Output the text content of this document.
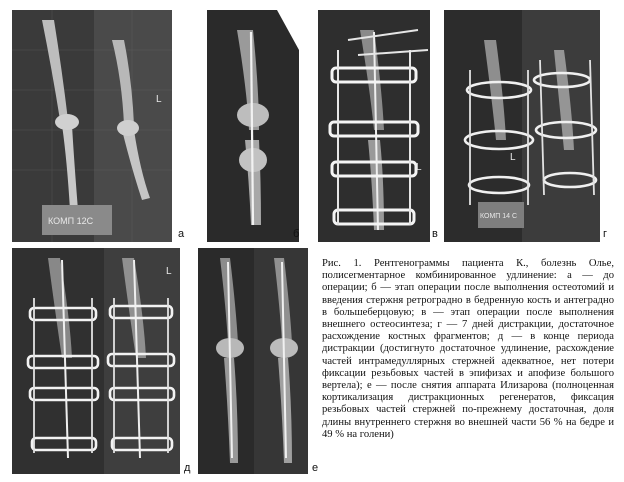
L
КОМП 12С
а	б
L
в
L
КОМП 14 С
г
L
д	е

Рис. 1. Рентгенограммы пациента К., болезнь Олье, полисегментарное комбинированное удлинение: а — до операции; б — этап операции после выполнения остеотомий и введения стержня ретроградно в бедренную кость и антеградно в большеберцовую; в — этап операции после выполнения внешнего остеосинтеза; г — 7 дней дистракции, достаточное расхождение костных фрагментов; д — в конце периода дистракции (достигнуто достаточное удлинение, расхождение частей интрамедуллярных стержней адекватное, нет потери фиксации резьбовых частей в эпифизах и апофизе большого вертела); е — после снятия аппарата Илизарова (полноценная кортикализация дистракционных регенератов, фиксация резьбовых частей стержней по-прежнему достаточная, доля длины внутреннего стержня во внешней части 56 % на бедре и 49 % на голени)
